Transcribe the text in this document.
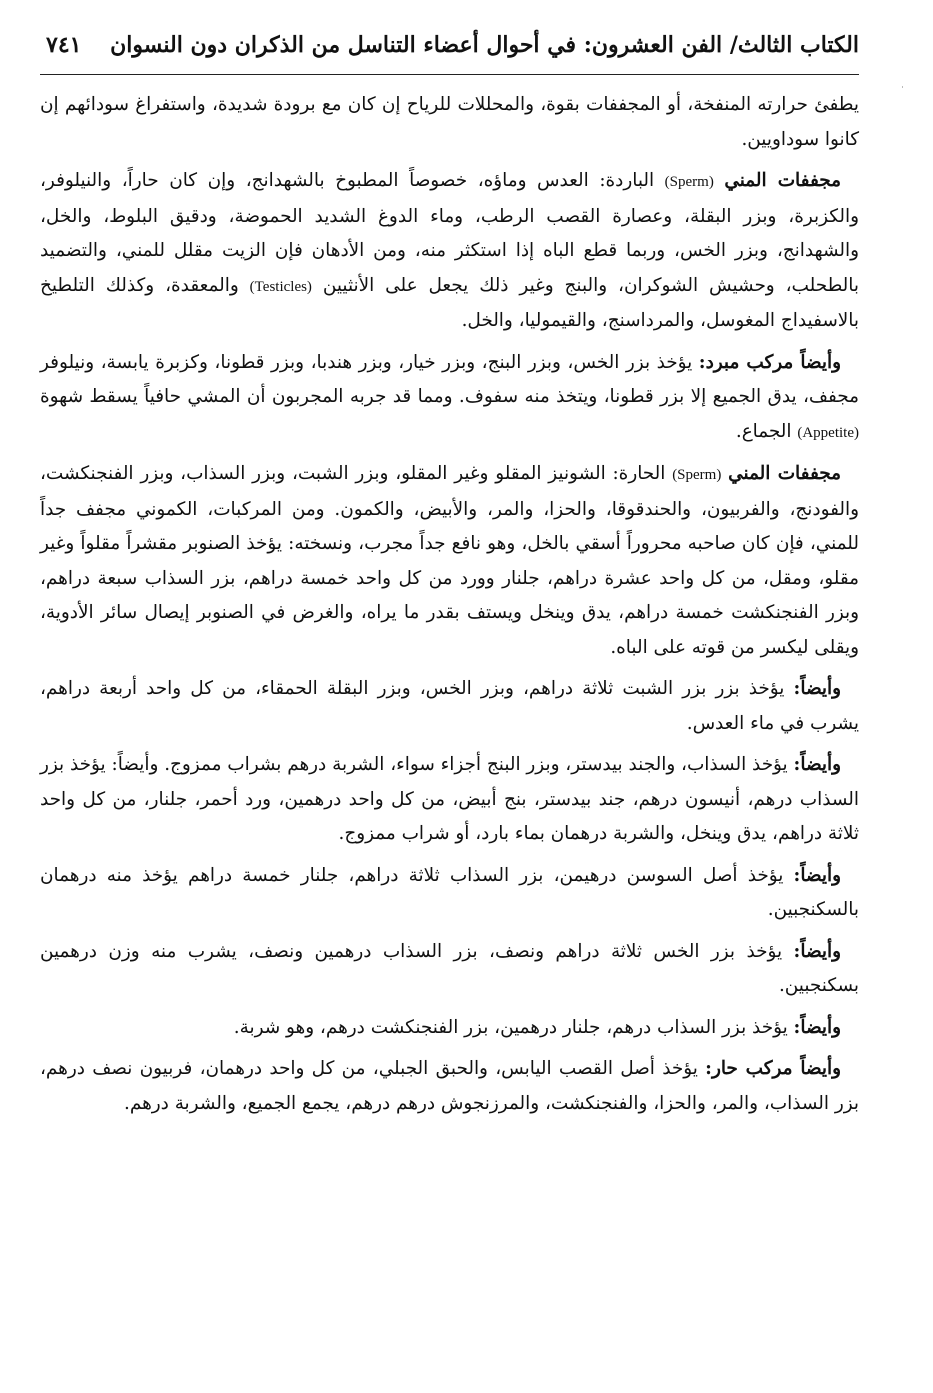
الكتاب الثالث/ الفن العشرون: في أحوال أعضاء التناسل من الذكران دون النسوان
٧٤١

يطفئ حرارته المنفخة، أو المجففات بقوة، والمحللات للرياح إن كان مع برودة شديدة، واستفراغ سودائهم إن كانوا سوداويين.

مجففات المني (Sperm) الباردة: العدس وماؤه، خصوصاً المطبوخ بالشهدانج، وإن كان حاراً، والنيلوفر، والكزبرة، وبزر البقلة، وعصارة القصب الرطب، وماء الدوغ الشديد الحموضة، ودقيق البلوط، والخل، والشهدانج، وبزر الخس، وربما قطع الباه إذا استكثر منه، ومن الأدهان فإن الزيت مقلل للمني، والتضميد بالطحلب، وحشيش الشوكران، والبنج وغير ذلك يجعل على الأنثيين (Testicles) والمعقدة، وكذلك التلطيخ بالاسفيداج المغوسل، والمرداسنج، والقيموليا، والخل.

وأيضاً مركب مبرد: يؤخذ بزر الخس، وبزر البنج، وبزر خيار، وبزر هندبا، وبزر قطونا، وكزبرة يابسة، ونيلوفر مجفف، يدق الجميع إلا بزر قطونا، ويتخذ منه سفوف. ومما قد جربه المجربون أن المشي حافياً يسقط شهوة (Appetite) الجماع.

مجففات المني (Sperm) الحارة: الشونيز المقلو وغير المقلو، وبزر الشبت، وبزر السذاب، وبزر الفنجنكشت، والفودنج، والفربيون، والحندقوقا، والحزا، والمر، والأبيض، والكمون. ومن المركبات، الكموني مجفف جداً للمني، فإن كان صاحبه محروراً أسقي بالخل، وهو نافع جداً مجرب، ونسخته: يؤخذ الصنوبر مقشراً مقلواً وغير مقلو، ومقل، من كل واحد عشرة دراهم، جلنار وورد من كل واحد خمسة دراهم، بزر السذاب سبعة دراهم، وبزر الفنجنكشت خمسة دراهم، يدق وينخل ويستف بقدر ما يراه، والغرض في الصنوبر إيصال سائر الأدوية، ويقلى ليكسر من قوته على الباه.

وأيضاً: يؤخذ بزر بزر الشبت ثلاثة دراهم، وبزر الخس، وبزر البقلة الحمقاء، من كل واحد أربعة دراهم، يشرب في ماء العدس.

وأيضاً: يؤخذ السذاب، والجند بيدستر، وبزر البنج أجزاء سواء، الشربة درهم بشراب ممزوج. وأيضاً: يؤخذ بزر السذاب درهم، أنيسون درهم، جند بيدستر، بنج أبيض، من كل واحد درهمين، ورد أحمر، جلنار، من كل واحد ثلاثة دراهم، يدق وينخل، والشربة درهمان بماء بارد، أو شراب ممزوج.

وأيضاً: يؤخذ أصل السوسن درهيمن، بزر السذاب ثلاثة دراهم، جلنار خمسة دراهم يؤخذ منه درهمان بالسكنجبين.

وأيضاً: يؤخذ بزر الخس ثلاثة دراهم ونصف، بزر السذاب درهمين ونصف، يشرب منه وزن درهمين بسكنجبين.

وأيضاً: يؤخذ بزر السذاب درهم، جلنار درهمين، بزر الفنجنكشت درهم، وهو شربة.

وأيضاً مركب حار: يؤخذ أصل القصب اليابس، والحبق الجبلي، من كل واحد درهمان، فربيون نصف درهم، بزر السذاب، والمر، والحزا، والفنجنكشت، والمرزنجوش درهم درهم، يجمع الجميع، والشربة درهم.
